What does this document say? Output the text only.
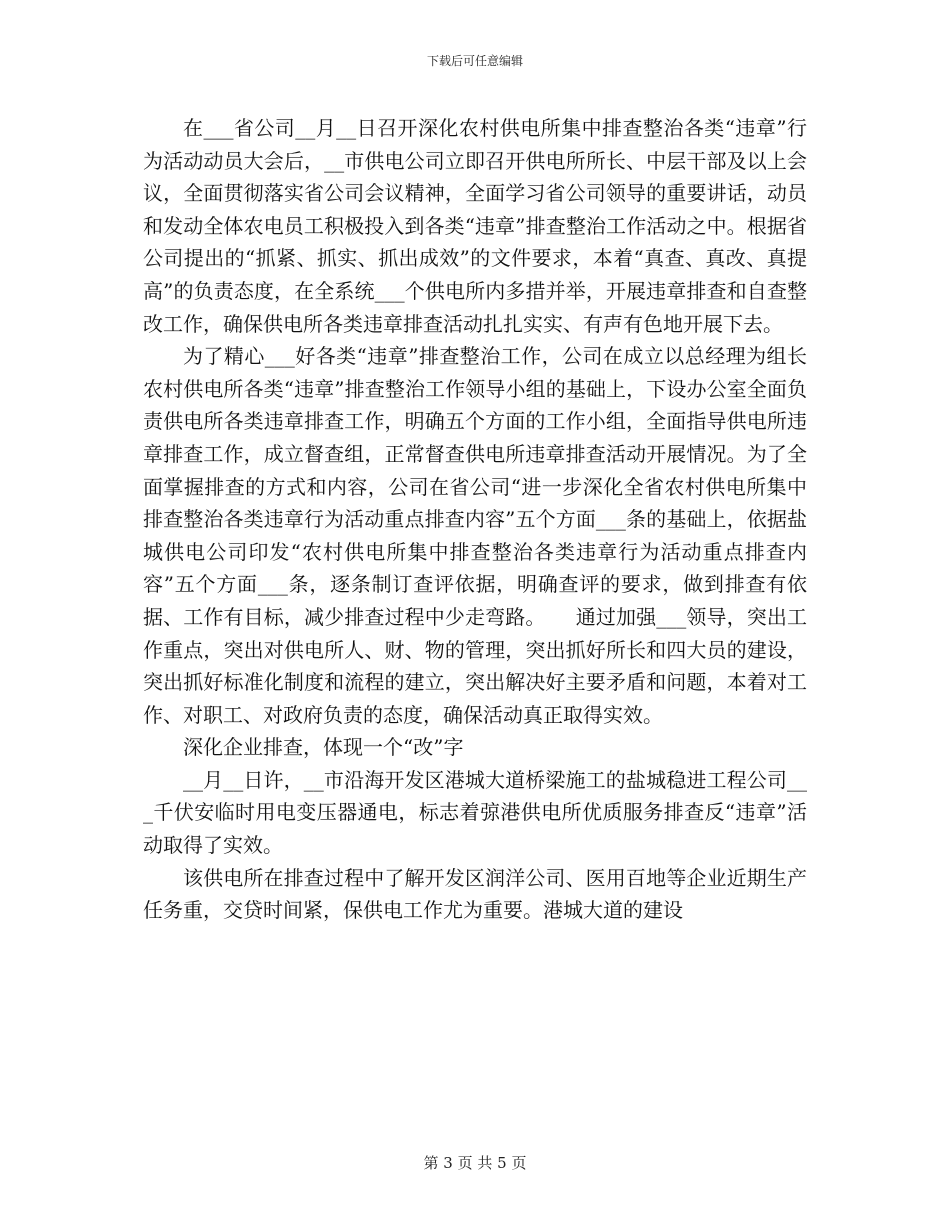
下载后可任意编辑

在___省公司__月__日召开深化农村供电所集中排查整治各类“违章”行为活动动员大会后，__市供电公司立即召开供电所所长、中层干部及以上会议，全面贯彻落实省公司会议精神，全面学习省公司领导的重要讲话，动员和发动全体农电员工积极投入到各类“违章”排查整治工作活动之中。根据省公司提出的“抓紧、抓实、抓出成效”的文件要求，本着“真查、真改、真提高”的负责态度，在全系统___个供电所内多措并举，开展违章排查和自查整改工作，确保供电所各类违章排查活动扎扎实实、有声有色地开展下去。

为了精心___好各类“违章”排查整治工作，公司在成立以总经理为组长农村供电所各类“违章”排查整治工作领导小组的基础上，下设办公室全面负责供电所各类违章排查工作，明确五个方面的工作小组，全面指导供电所违章排查工作，成立督查组，正常督查供电所违章排查活动开展情况。为了全面掌握排查的方式和内容，公司在省公司“进一步深化全省农村供电所集中排查整治各类违章行为活动重点排查内容”五个方面___条的基础上，依据盐城供电公司印发“农村供电所集中排查整治各类违章行为活动重点排查内容”五个方面___条，逐条制订查评依据，明确查评的要求，做到排查有依据、工作有目标，减少排查过程中少走弯路。　　通过加强___领导，突出工作重点，突出对供电所人、财、物的管理，突出抓好所长和四大员的建设，突出抓好标准化制度和流程的建立，突出解决好主要矛盾和问题，本着对工作、对职工、对政府负责的态度，确保活动真正取得实效。

深化企业排查，体现一个“改”字

__月__日许，__市沿海开发区港城大道桥梁施工的盐城稳进工程公司___千伏安临时用电变压器通电，标志着弶港供电所优质服务排查反“违章”活动取得了实效。

该供电所在排查过程中了解开发区润洋公司、医用百地等企业近期生产任务重，交贷时间紧，保供电工作尤为重要。港城大道的建设

第 3 页 共 5 页
